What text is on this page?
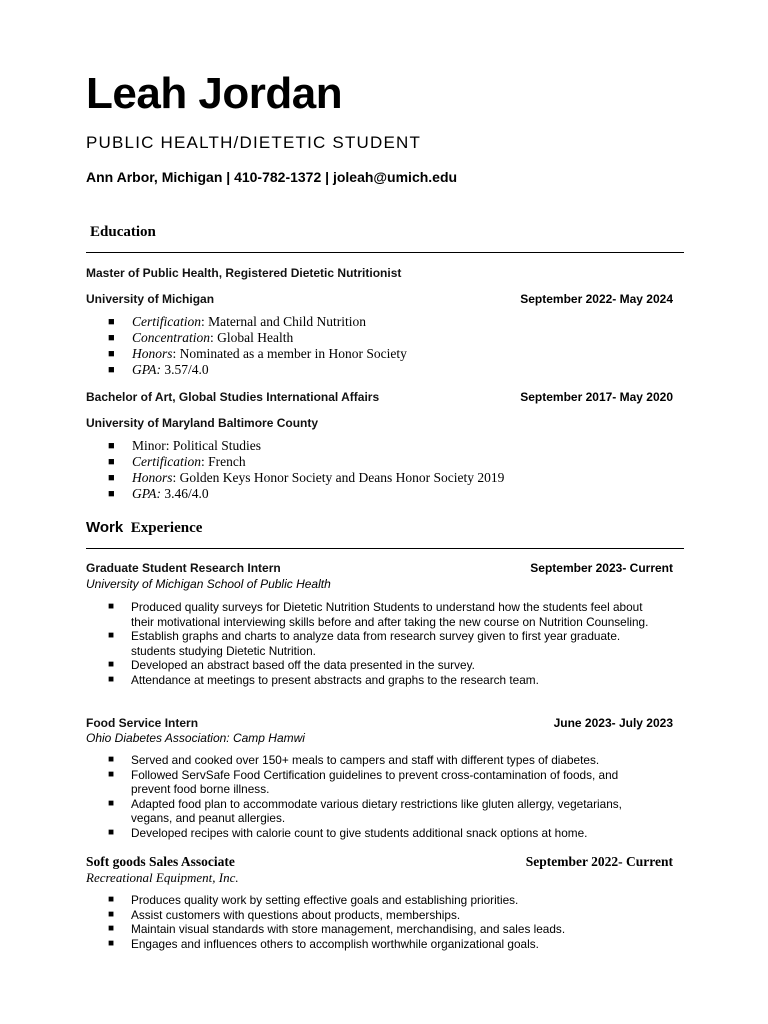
Leah Jordan
PUBLIC HEALTH/DIETETIC STUDENT
Ann Arbor, Michigan | 410-782-1372 | joleah@umich.edu
Education
Master of Public Health, Registered Dietetic Nutritionist
University of Michigan	September 2022- May 2024
■ Certification: Maternal and Child Nutrition
■ Concentration: Global Health
■ Honors: Nominated as a member in Honor Society
■ GPA: 3.57/4.0
Bachelor of Art, Global Studies International Affairs	September 2017- May 2020
University of Maryland Baltimore County
■ Minor: Political Studies
■ Certification: French
■ Honors: Golden Keys Honor Society and Deans Honor Society 2019
■ GPA: 3.46/4.0
Work Experience
Graduate Student Research Intern	September 2023- Current
University of Michigan School of Public Health
■ Produced quality surveys for Dietetic Nutrition Students to understand how the students feel about their motivational interviewing skills before and after taking the new course on Nutrition Counseling.
■ Establish graphs and charts to analyze data from research survey given to first year graduate. students studying Dietetic Nutrition.
■ Developed an abstract based off the data presented in the survey.
■ Attendance at meetings to present abstracts and graphs to the research team.
Food Service Intern	June 2023- July 2023
Ohio Diabetes Association: Camp Hamwi
■ Served and cooked over 150+ meals to campers and staff with different types of diabetes.
■ Followed ServSafe Food Certification guidelines to prevent cross-contamination of foods, and prevent food borne illness.
■ Adapted food plan to accommodate various dietary restrictions like gluten allergy, vegetarians, vegans, and peanut allergies.
■ Developed recipes with calorie count to give students additional snack options at home.
Soft goods Sales Associate	September 2022- Current
Recreational Equipment, Inc.
■ Produces quality work by setting effective goals and establishing priorities.
■ Assist customers with questions about products, memberships.
■ Maintain visual standards with store management, merchandising, and sales leads.
■ Engages and influences others to accomplish worthwhile organizational goals.
